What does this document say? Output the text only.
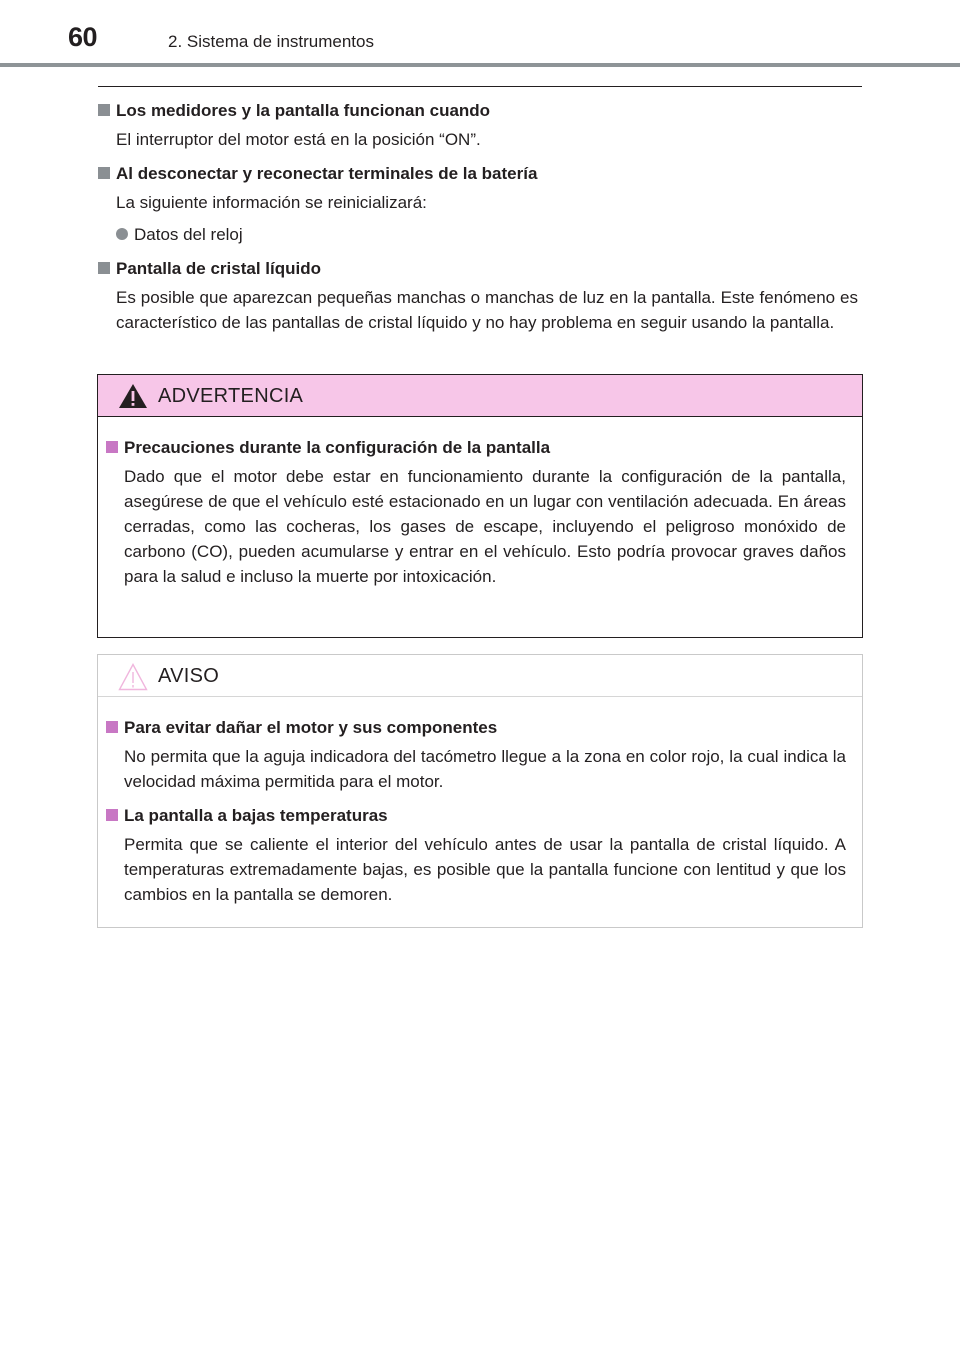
60	2. Sistema de instrumentos

Los medidores y la pantalla funcionan cuando

El interruptor del motor está en la posición “ON”.

Al desconectar y reconectar terminales de la batería

La siguiente información se reinicializará:

Datos del reloj

Pantalla de cristal líquido

Es posible que aparezcan pequeñas manchas o manchas de luz en la pantalla. Este fenómeno es característico de las pantallas de cristal líquido y no hay problema en seguir usando la pantalla.

ADVERTENCIA

Precauciones durante la configuración de la pantalla

Dado que el motor debe estar en funcionamiento durante la configuración de la pantalla, asegúrese de que el vehículo esté estacionado en un lugar con ventilación adecuada. En áreas cerradas, como las cocheras, los gases de escape, incluyendo el peligroso monóxido de carbono (CO), pueden acumularse y entrar en el vehículo. Esto podría provocar graves daños para la salud e incluso la muerte por intoxicación.

AVISO

Para evitar dañar el motor y sus componentes

No permita que la aguja indicadora del tacómetro llegue a la zona en color rojo, la cual indica la velocidad máxima permitida para el motor.

La pantalla a bajas temperaturas

Permita que se caliente el interior del vehículo antes de usar la pantalla de cristal líquido. A temperaturas extremadamente bajas, es posible que la pantalla funcione con lentitud y que los cambios en la pantalla se demoren.
